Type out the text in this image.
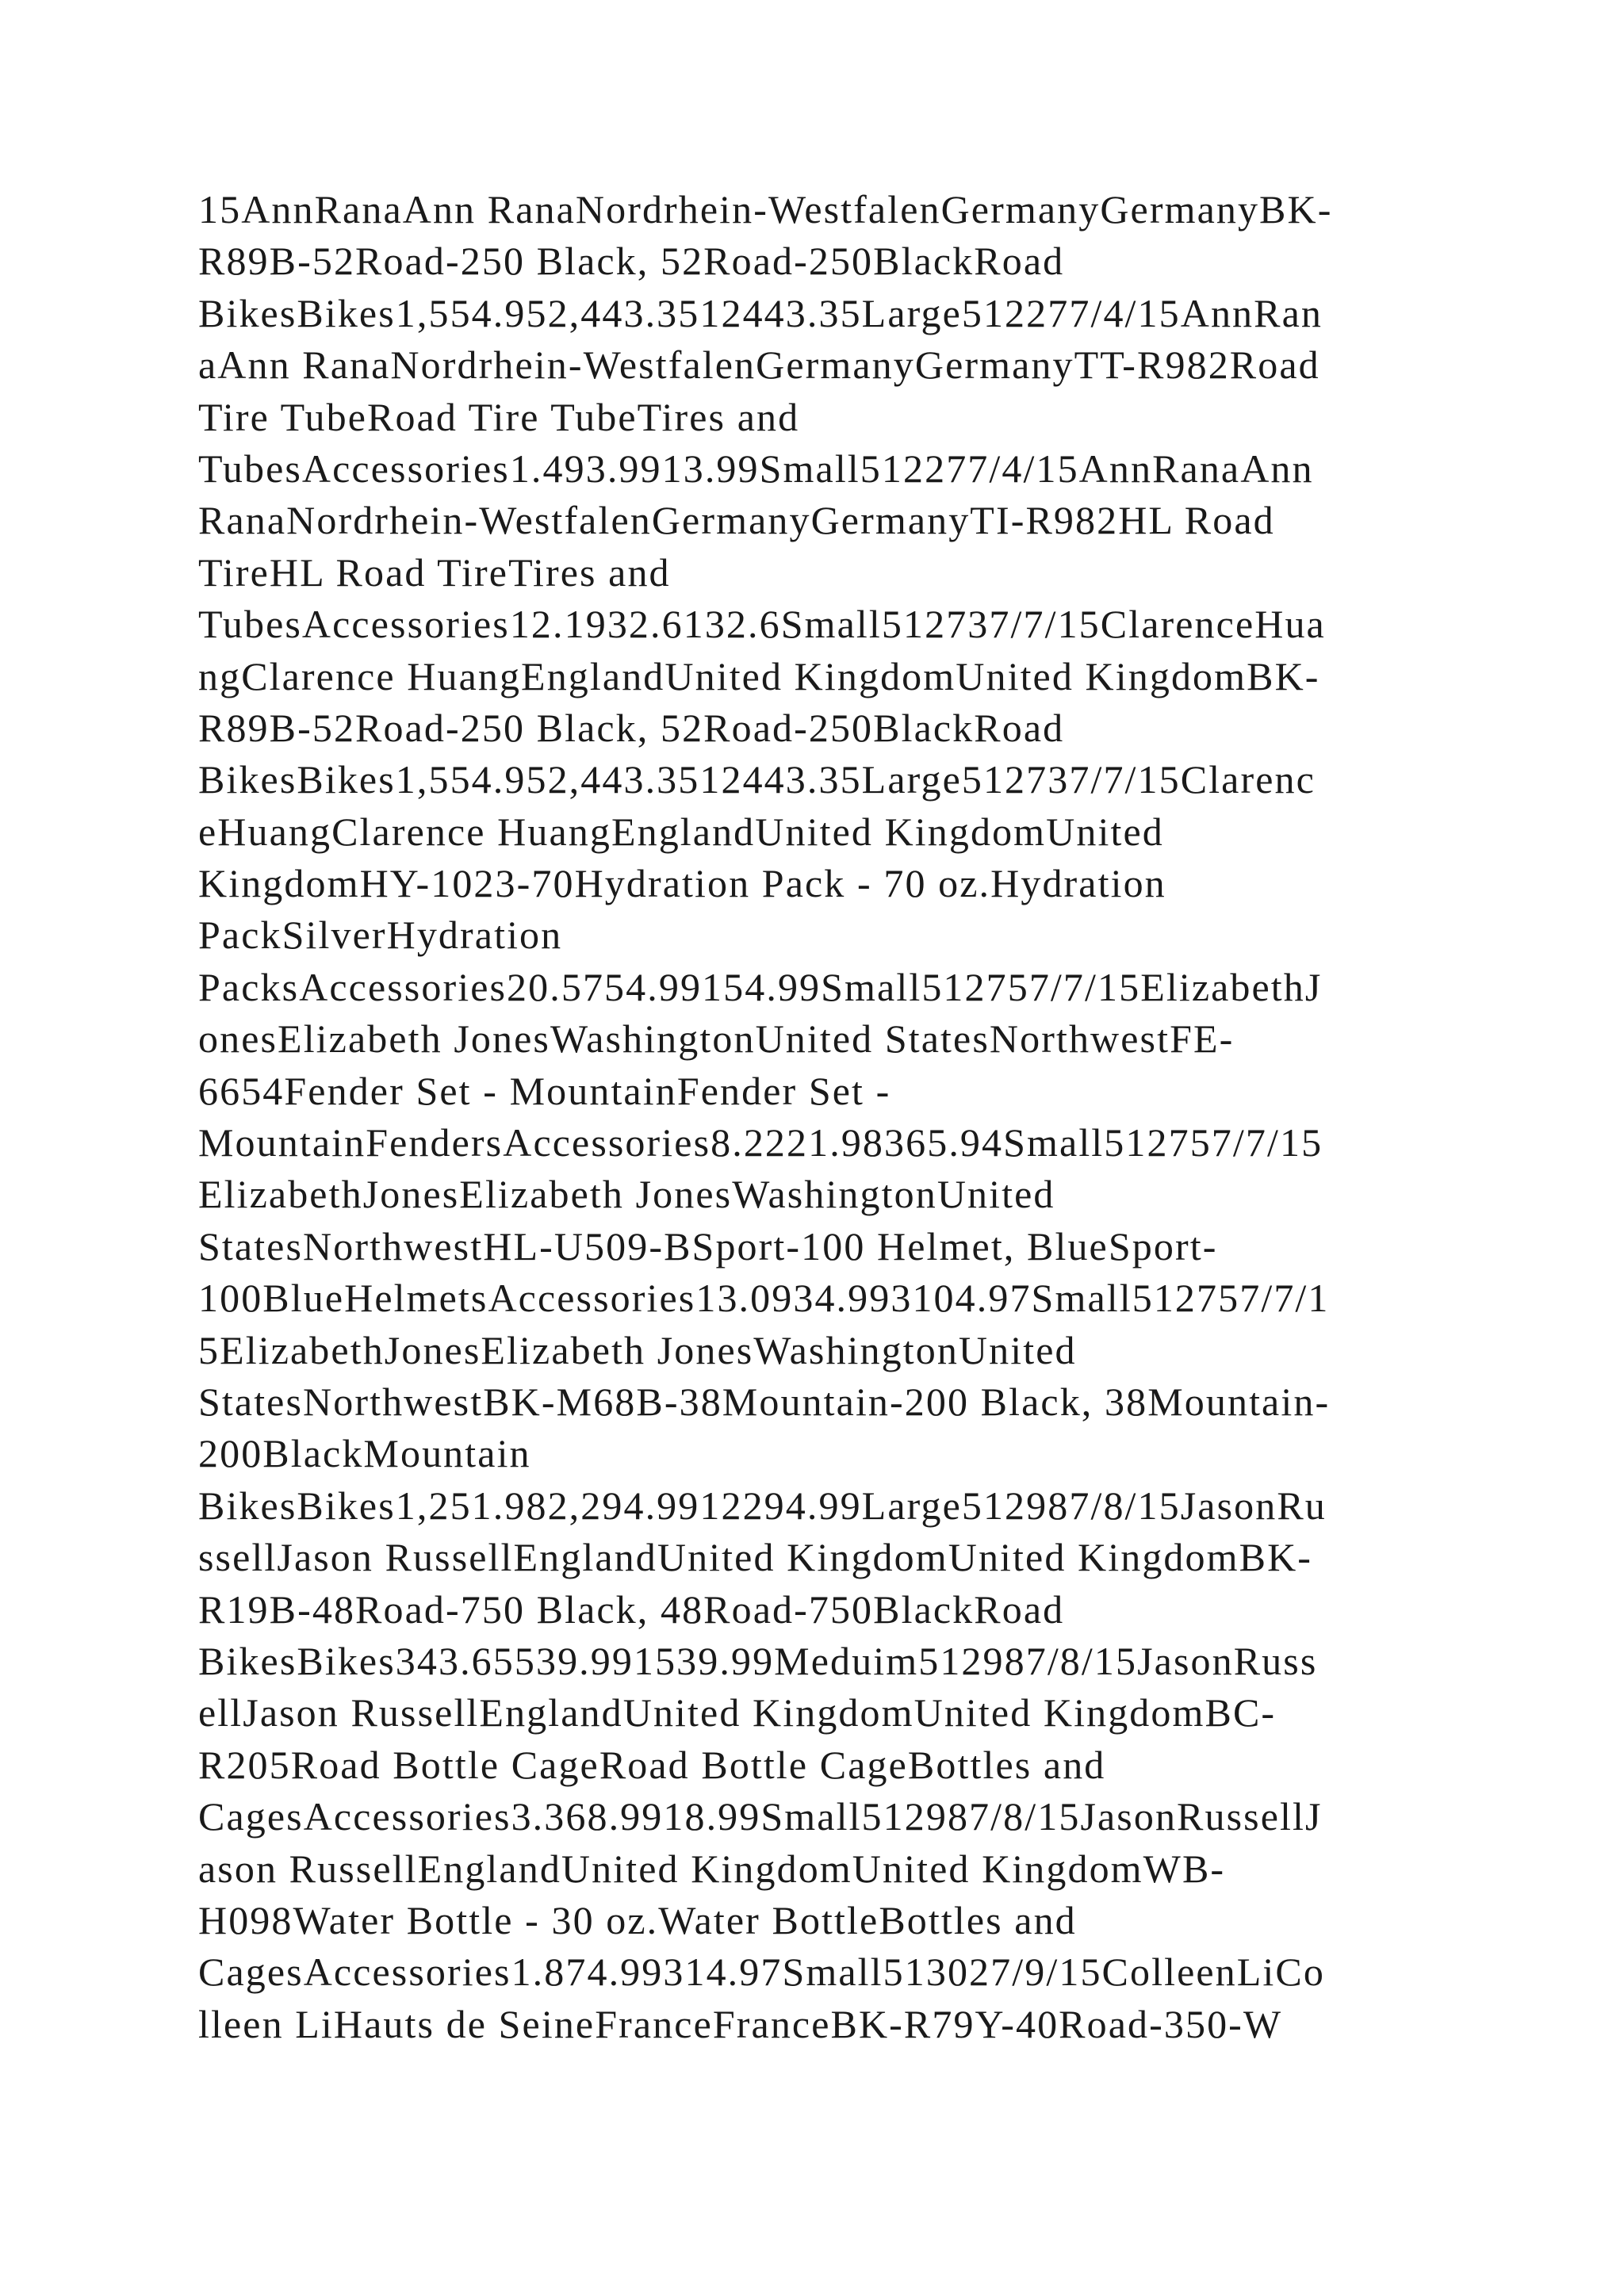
15AnnRanaAnn RanaNordrhein-WestfalenGermanyGermanyBK-
R89B-52Road-250 Black, 52Road-250BlackRoad
BikesBikes1,554.952,443.3512443.35Large512277/4/15AnnRan
aAnn RanaNordrhein-WestfalenGermanyGermanyTT-R982Road
Tire TubeRoad Tire TubeTires and
TubesAccessories1.493.9913.99Small512277/4/15AnnRanaAnn
RanaNordrhein-WestfalenGermanyGermanyTI-R982HL Road
TireHL Road TireTires and
TubesAccessories12.1932.6132.6Small512737/7/15ClarenceHua
ngClarence HuangEnglandUnited KingdomUnited KingdomBK-
R89B-52Road-250 Black, 52Road-250BlackRoad
BikesBikes1,554.952,443.3512443.35Large512737/7/15Clarenc
eHuangClarence HuangEnglandUnited KingdomUnited
KingdomHY-1023-70Hydration Pack - 70 oz.Hydration
PackSilverHydration
PacksAccessories20.5754.99154.99Small512757/7/15ElizabethJ
onesElizabeth JonesWashingtonUnited StatesNorthwestFE-
6654Fender Set - MountainFender Set -
MountainFendersAccessories8.2221.98365.94Small512757/7/15
ElizabethJonesElizabeth JonesWashingtonUnited
StatesNorthwestHL-U509-BSport-100 Helmet, BlueSport-
100BlueHelmetsAccessories13.0934.993104.97Small512757/7/1
5ElizabethJonesElizabeth JonesWashingtonUnited
StatesNorthwestBK-M68B-38Mountain-200 Black, 38Mountain-
200BlackMountain
BikesBikes1,251.982,294.9912294.99Large512987/8/15JasonRu
ssellJason RussellEnglandUnited KingdomUnited KingdomBK-
R19B-48Road-750 Black, 48Road-750BlackRoad
BikesBikes343.65539.991539.99Meduim512987/8/15JasonRuss
ellJason RussellEnglandUnited KingdomUnited KingdomBC-
R205Road Bottle CageRoad Bottle CageBottles and
CagesAccessories3.368.9918.99Small512987/8/15JasonRussellJ
ason RussellEnglandUnited KingdomUnited KingdomWB-
H098Water Bottle - 30 oz.Water BottleBottles and
CagesAccessories1.874.99314.97Small513027/9/15ColleenLiCo
lleen LiHauts de SeineFranceFranceBK-R79Y-40Road-350-W
